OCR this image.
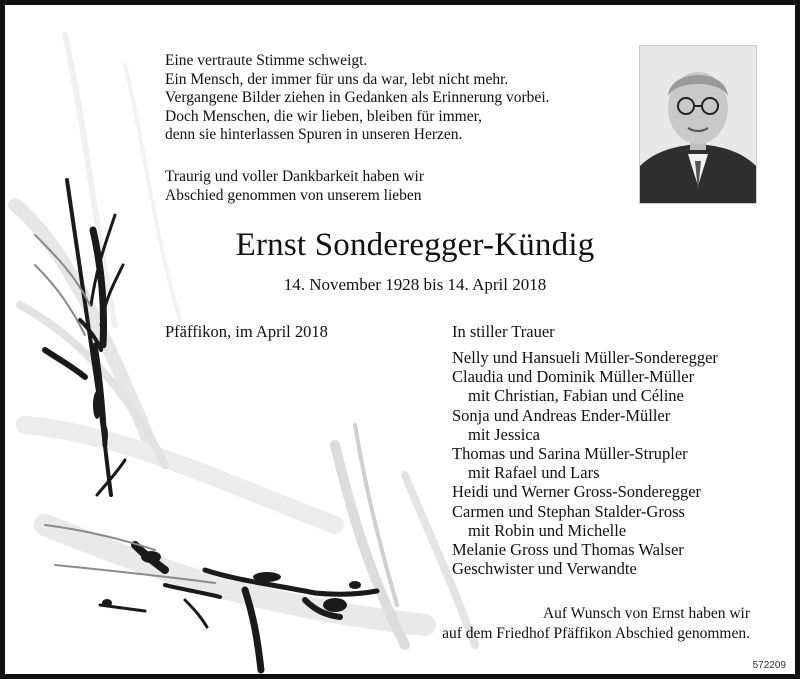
Eine vertraute Stimme schweigt.
Ein Mensch, der immer für uns da war, lebt nicht mehr.
Vergangene Bilder ziehen in Gedanken als Erinnerung vorbei.
Doch Menschen, die wir lieben, bleiben für immer,
denn sie hinterlassen Spuren in unseren Herzen.
Traurig und voller Dankbarkeit haben wir
Abschied genommen von unserem lieben
Ernst Sonderegger-Kündig
14. November 1928 bis 14. April 2018
Pfäffikon, im April 2018	In stiller Trauer
Nelly und Hansueli Müller-Sonderegger
Claudia und Dominik Müller-Müller
mit Christian, Fabian und Céline
Sonja und Andreas Ender-Müller
mit Jessica
Thomas und Sarina Müller-Strupler
mit Rafael und Lars
Heidi und Werner Gross-Sonderegger
Carmen und Stephan Stalder-Gross
mit Robin und Michelle
Melanie Gross und Thomas Walser
Geschwister und Verwandte
Auf Wunsch von Ernst haben wir
auf dem Friedhof Pfäffikon Abschied genommen.
572209
